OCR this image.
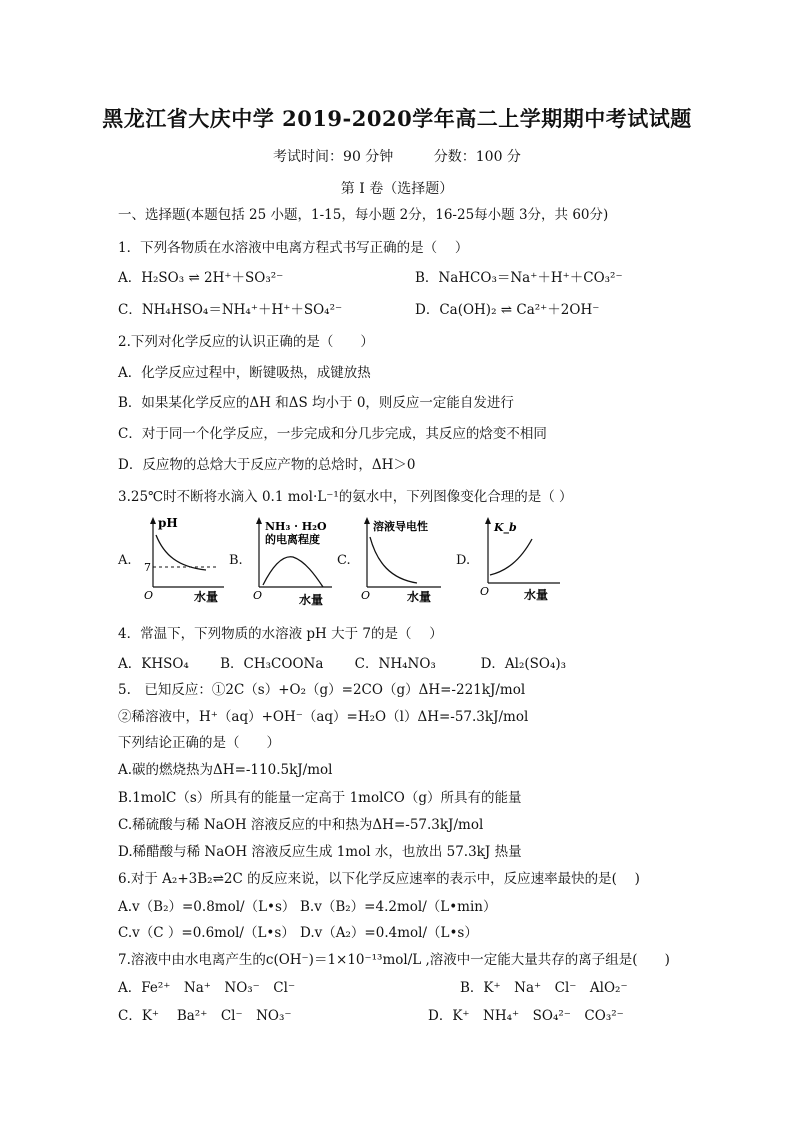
黑龙江省大庆中学 2019-2020学年高二上学期期中考试试题
考试时间：90 分钟	分数：100 分
第 I 卷（选择题）
一、选择题(本题包括 25 小题，1-15，每小题 2分，16-25每小题 3分，共 60分)
1．下列各物质在水溶液中电离方程式书写正确的是（　 ）
A．H₂SO₃ ⇌ 2H⁺＋SO₃²⁻	B．NaHCO₃＝Na⁺＋H⁺＋CO₃²⁻
C．NH₄HSO₄＝NH₄⁺＋H⁺＋SO₄²⁻	D．Ca(OH)₂ ⇌ Ca²⁺＋2OH⁻
2.下列对化学反应的认识正确的是（　　）
A．化学反应过程中，断键吸热，成键放热
B．如果某化学反应的ΔH 和ΔS 均小于 0，则反应一定能自发进行
C．对于同一个化学反应，一步完成和分几步完成，其反应的焓变不相同
D．反应物的总焓大于反应产物的总焓时，ΔH＞0
3.25℃时不断将水滴入 0.1 mol·L⁻¹的氨水中，下列图像变化合理的是（ ）
A.
pH
7
O	水量
B.
NH₃ · H₂O
的电离程度
O	水量
C.
溶液导电性
O	水量
D.
K_b
O	水量
4．常温下，下列物质的水溶液 pH 大于 7的是（　 ）
A．KHSO₄　　 B．CH₃COONa　　 C．NH₄NO₃　　　 D．Al₂(SO₄)₃
5.　已知反应：①2C（s）+O₂（g）=2CO（g）ΔH=-221kJ/mol
②稀溶液中，H⁺（aq）+OH⁻（aq）=H₂O（l）ΔH=-57.3kJ/mol
下列结论正确的是（　　）
A.碳的燃烧热为ΔH=-110.5kJ/mol
B.1molC（s）所具有的能量一定高于 1molCO（g）所具有的能量
C.稀硫酸与稀 NaOH 溶液反应的中和热为ΔH=-57.3kJ/mol
D.稀醋酸与稀 NaOH 溶液反应生成 1mol 水，也放出 57.3kJ 热量
6.对于 A₂+3B₂⇌2C 的反应来说，以下化学反应速率的表示中，反应速率最快的是(　 )
A.v（B₂）=0.8mol/（L•s） B.v（B₂）=4.2mol/（L•min）
C.v（C ）=0.6mol/（L•s） D.v（A₂）=0.4mol/（L•s）
7.溶液中由水电离产生的c(OH⁻)＝1×10⁻¹³mol/L ,溶液中一定能大量共存的离子组是(　　)
A．Fe²⁺　Na⁺　NO₃⁻　Cl⁻	B．K⁺　Na⁺　Cl⁻　AlO₂⁻
C．K⁺　 Ba²⁺　Cl⁻　NO₃⁻	D．K⁺　NH₄⁺　SO₄²⁻　CO₃²⁻
